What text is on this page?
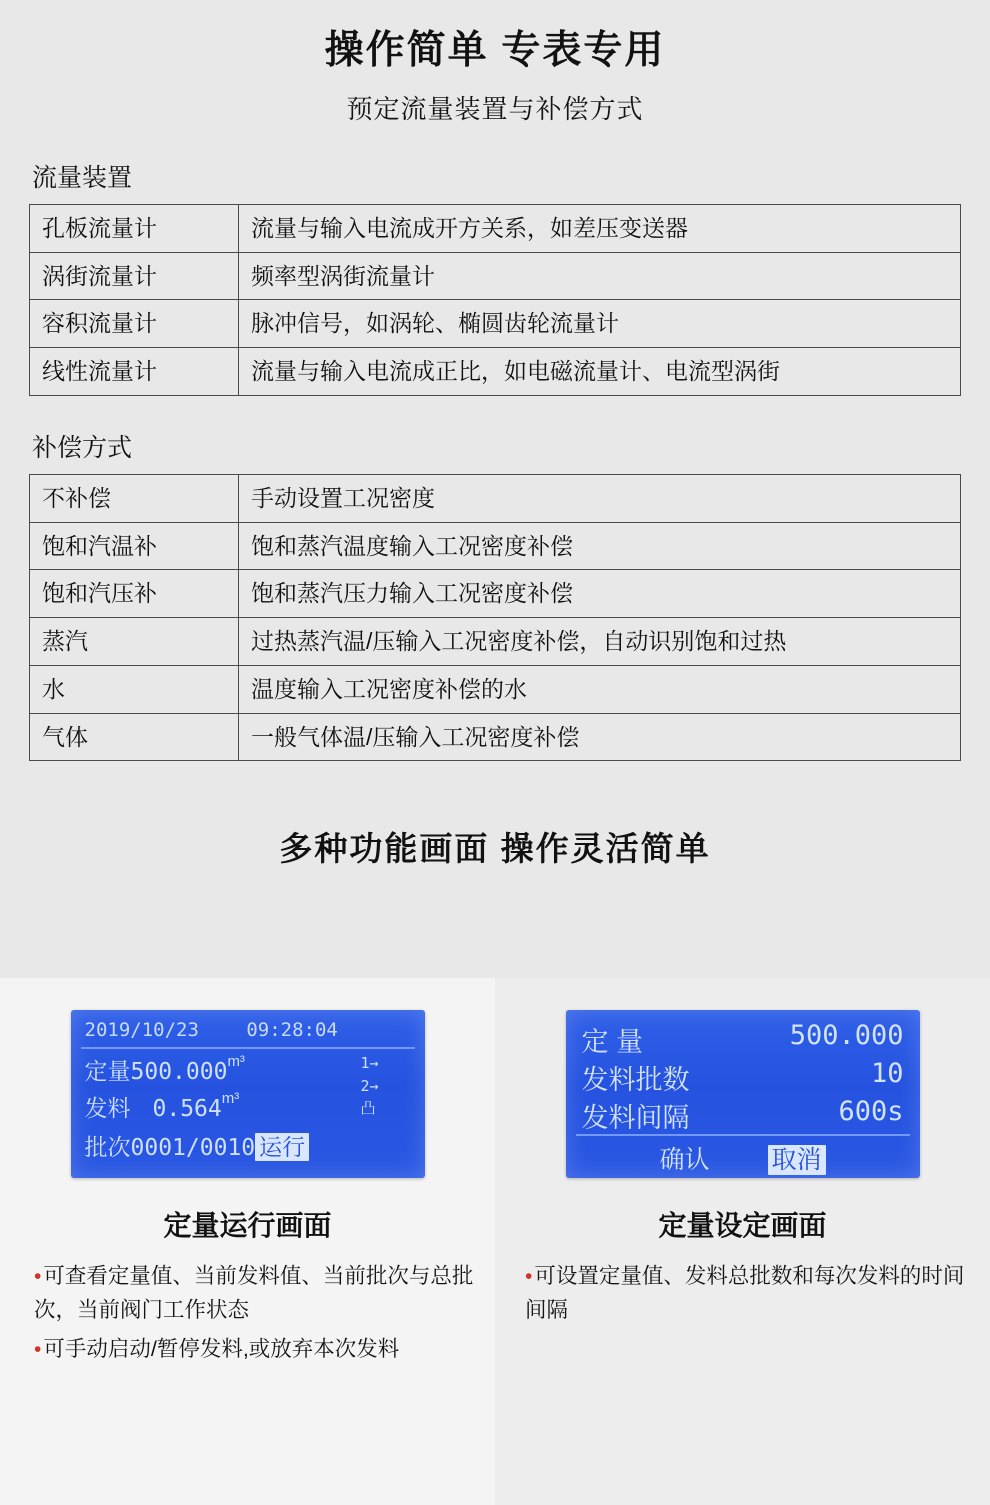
操作简单 专表专用
预定流量装置与补偿方式
流量装置
孔板流量计	流量与输入电流成开方关系，如差压变送器
涡街流量计	频率型涡街流量计
容积流量计	脉冲信号，如涡轮、椭圆齿轮流量计
线性流量计	流量与输入电流成正比，如电磁流量计、电流型涡街
补偿方式
不补偿	手动设置工况密度
饱和汽温补	饱和蒸汽温度输入工况密度补偿
饱和汽压补	饱和蒸汽压力输入工况密度补偿
蒸汽	过热蒸汽温/压输入工况密度补偿，自动识别饱和过热
水	温度输入工况密度补偿的水
气体	一般气体温/压输入工况密度补偿
多种功能画面 操作灵活简单
2019/10/23 09:28:04
定量$500.000^{m^3}$
发料 $0.564^{m^3}$
批次0001/0010 运行
1→
2→
凸
定量运行画面
•可查看定量值、当前发料值、当前批次与总批次，当前阀门工作状态
•可手动启动/暂停发料,或放弃本次发料
定 量	500.000
发料批数	10
发料间隔	600s
确认 取消
定量设定画面
•可设置定量值、发料总批数和每次发料的时间间隔
